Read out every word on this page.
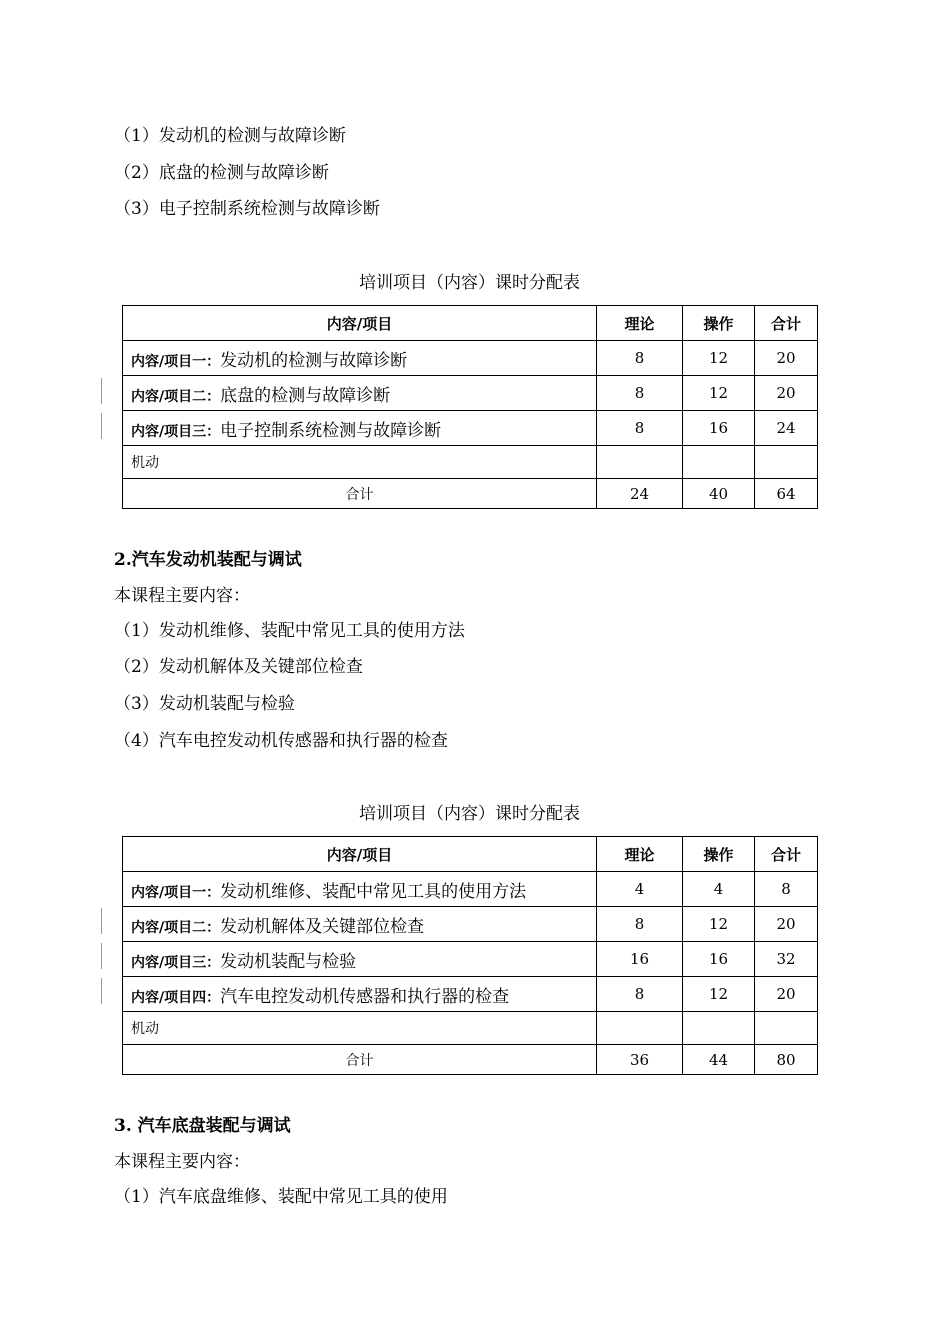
（1）发动机的检测与故障诊断
（2）底盘的检测与故障诊断
（3）电子控制系统检测与故障诊断
培训项目（内容）课时分配表
内容/项目	理论	操作	合计
内容/项目一：发动机的检测与故障诊断	8	12	20
内容/项目二：底盘的检测与故障诊断	8	12	20
内容/项目三：电子控制系统检测与故障诊断	8	16	24
机动			
合计	24	40	64
2.汽车发动机装配与调试
本课程主要内容：
（1）发动机维修、装配中常见工具的使用方法
（2）发动机解体及关键部位检查
（3）发动机装配与检验
（4）汽车电控发动机传感器和执行器的检查
培训项目（内容）课时分配表
内容/项目	理论	操作	合计
内容/项目一：发动机维修、装配中常见工具的使用方法	4	4	8
内容/项目二：发动机解体及关键部位检查	8	12	20
内容/项目三：发动机装配与检验	16	16	32
内容/项目四：汽车电控发动机传感器和执行器的检查	8	12	20
机动			
合计	36	44	80
3. 汽车底盘装配与调试
本课程主要内容：
（1）汽车底盘维修、装配中常见工具的使用
